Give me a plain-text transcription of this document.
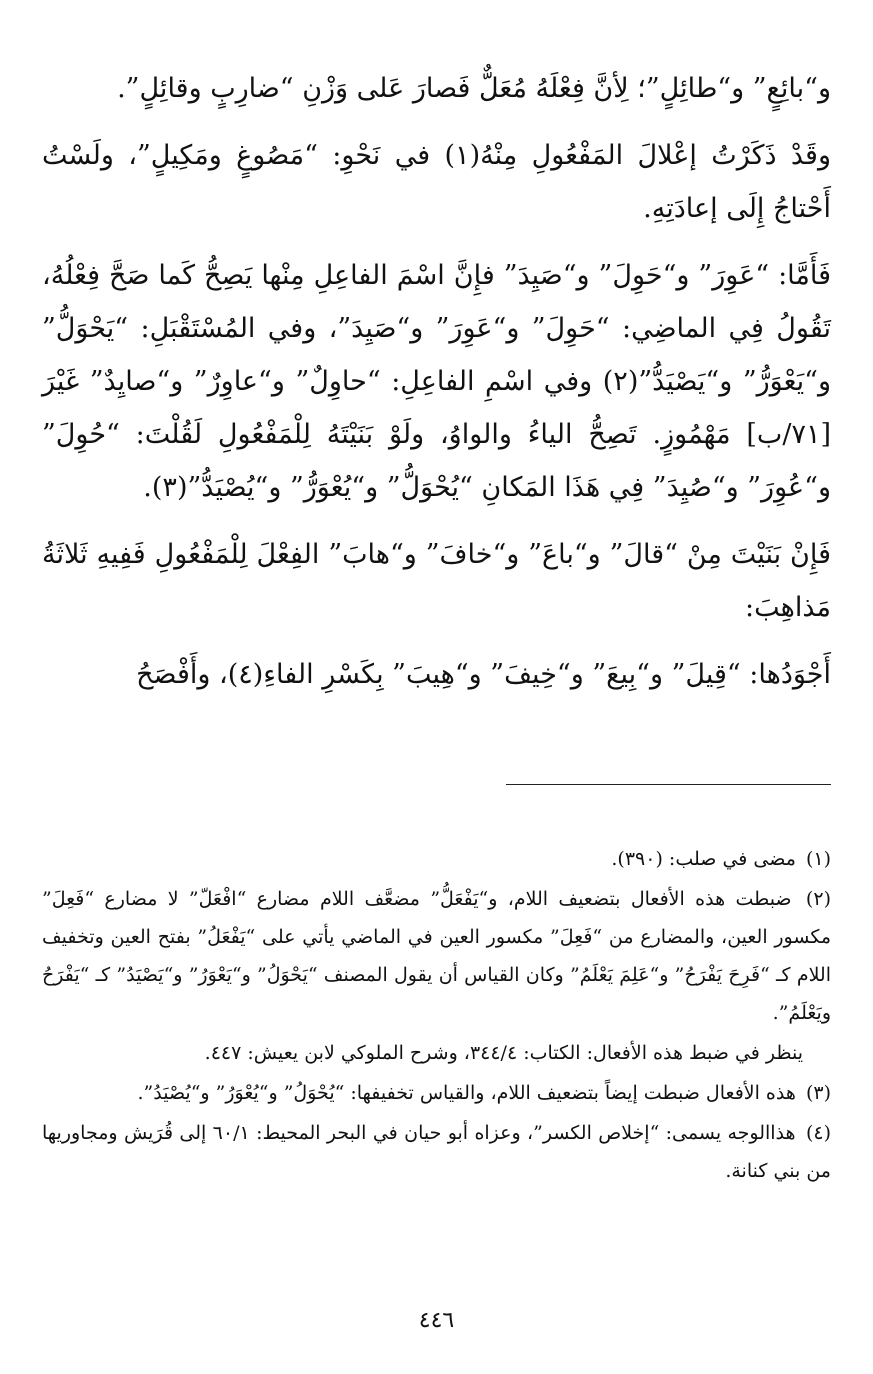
و“بائِعٍ” و“طائِلٍ”؛ لِأنَّ فِعْلَهُ مُعَلٌّ فَصارَ عَلى وَزْنِ “ضارِبٍ وقائِلٍ”.

وقَدْ ذَكَرْتُ إعْلالَ المَفْعُولِ مِنْهُ(١) في نَحْوِ: “مَصُوغٍ ومَكِيلٍ”، ولَسْتُ أَحْتاجُ إِلَى إعادَتِهِ.

فَأَمَّا: “عَوِرَ” و“حَوِلَ” و“صَيِدَ” فإِنَّ اسْمَ الفاعِلِ مِنْها يَصِحُّ كَما صَحَّ فِعْلُهُ، تَقُولُ فِي الماضِي: “حَوِلَ” و“عَوِرَ” و“صَيِدَ”، وفي المُسْتَقْبَلِ: “يَحْوَلُّ” و“يَعْوَرُّ” و“يَصْيَدُّ”(٢) وفي اسْمِ الفاعِلِ: “حاوِلٌ” و“عاوِرٌ” و“صايِدٌ” غَيْرَ [٧١/ب] مَهْمُوزٍ. تَصِحُّ الياءُ والواوُ، ولَوْ بَنَيْتَهُ لِلْمَفْعُولِ لَقُلْتَ: “حُوِلَ” و“عُوِرَ” و“صُيِدَ” فِي هَذَا المَكانِ “يُحْوَلُّ” و“يُعْوَرُّ” و“يُصْيَدُّ”(٣).

فَإِنْ بَنَيْتَ مِنْ “قالَ” و“باعَ” و“خافَ” و“هابَ” الفِعْلَ لِلْمَفْعُولِ فَفِيهِ ثَلاثَةُ مَذاهِبَ:

أَجْوَدُها: “قِيلَ” و“بِيعَ” و“خِيفَ” و“هِيبَ” بِكَسْرِ الفاءِ(٤)، وأَفْصَحُ

(١) مضى في صلب: (٣٩٠).

(٢) ضبطت هذه الأفعال بتضعيف اللام، و“يَفْعَلُّ” مضعَّف اللام مضارع “افْعَلّ” لا مضارع “فَعِلَ” مكسور العين، والمضارع من “فَعِلَ” مكسور العين في الماضي يأتي على “يَفْعَلُ” بفتح العين وتخفيف اللام كـ “فَرِحَ يَفْرَحُ” و“عَلِمَ يَعْلَمُ” وكان القياس أن يقول المصنف “يَحْوَلُ” و“يَعْوَرُ” و“يَصْيَدُ” كـ “يَفْرَحُ ويَعْلَمُ”.

ينظر في ضبط هذه الأفعال: الكتاب: ٣٤٤/٤، وشرح الملوكي لابن يعيش: ٤٤٧.

(٣) هذه الأفعال ضبطت إيضاً بتضعيف اللام، والقياس تخفيفها: “يُحْوَلُ” و“يُعْوَرُ” و“يُصْيَدُ”.

(٤) هذاالوجه يسمى: “إخلاص الكسر”، وعزاه أبو حيان في البحر المحيط: ٦٠/١ إلى قُرَيش ومجاوريها من بني كنانة.

٤٤٦
